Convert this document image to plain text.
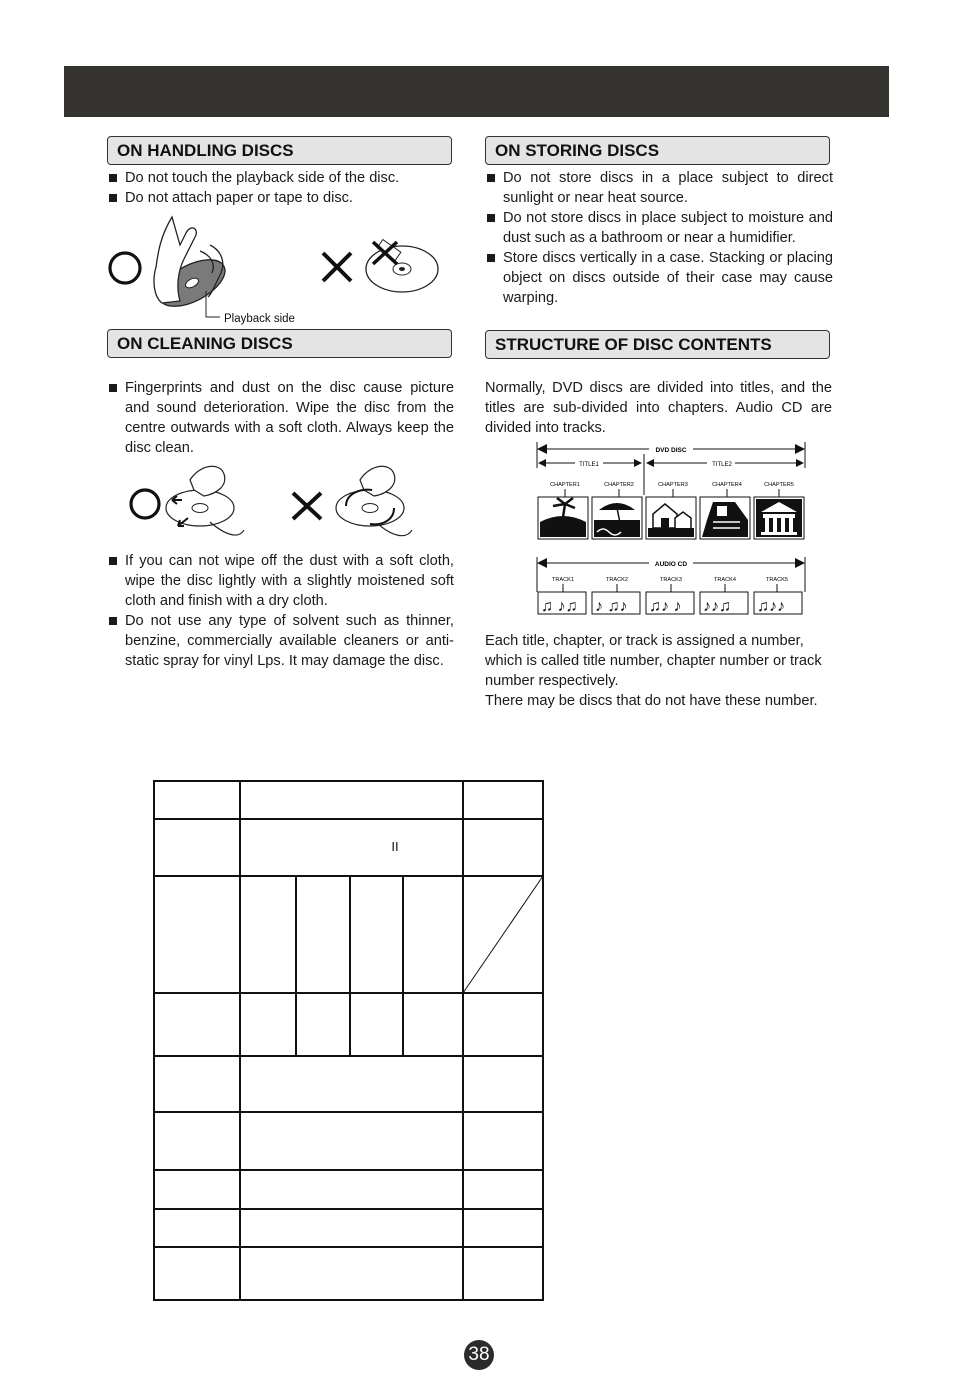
ON HANDLING DISCS
Do not touch the playback side of the disc.
Do not attach paper or tape to disc.
Playback side
ON STORING DISCS
Do not store discs in a place subject to direct sunlight or near heat source.
Do not store discs in place subject to moisture and dust such as a bathroom or near a humidifier.
Store discs vertically in a case. Stacking or placing object on discs outside of their case may cause warping.
ON CLEANING DISCS
Fingerprints and dust on the disc cause picture and sound deterioration. Wipe the disc from the centre outwards with a soft cloth. Always keep the disc clean.
If you can not wipe off the dust with a soft cloth, wipe the disc lightly with a slightly moistened soft cloth and finish with a dry cloth.
Do not use any type of solvent such as thinner, benzine, commercially available cleaners or anti-static spray for vinyl Lps. It may damage the disc.
STRUCTURE OF DISC CONTENTS
Normally, DVD discs are divided into titles, and the titles are sub-divided into chapters. Audio CD are divided into tracks.
DVD DISC
TITLE1	TITLE2
CHAPTER1	CHAPTER2	CHAPTER3	CHAPTER4	CHAPTER5
AUDIO CD
TRACK1	TRACK2	TRACK3	TRACK4	TRACK5
♫ ♪♫ ♪ ♫♪ ♫♪ ♪ ♪♪♫ ♫♪♪
Each title, chapter, or track is assigned a number, which is called title number, chapter number or track number respectively.
There may be discs that do not have these number.
II
38
